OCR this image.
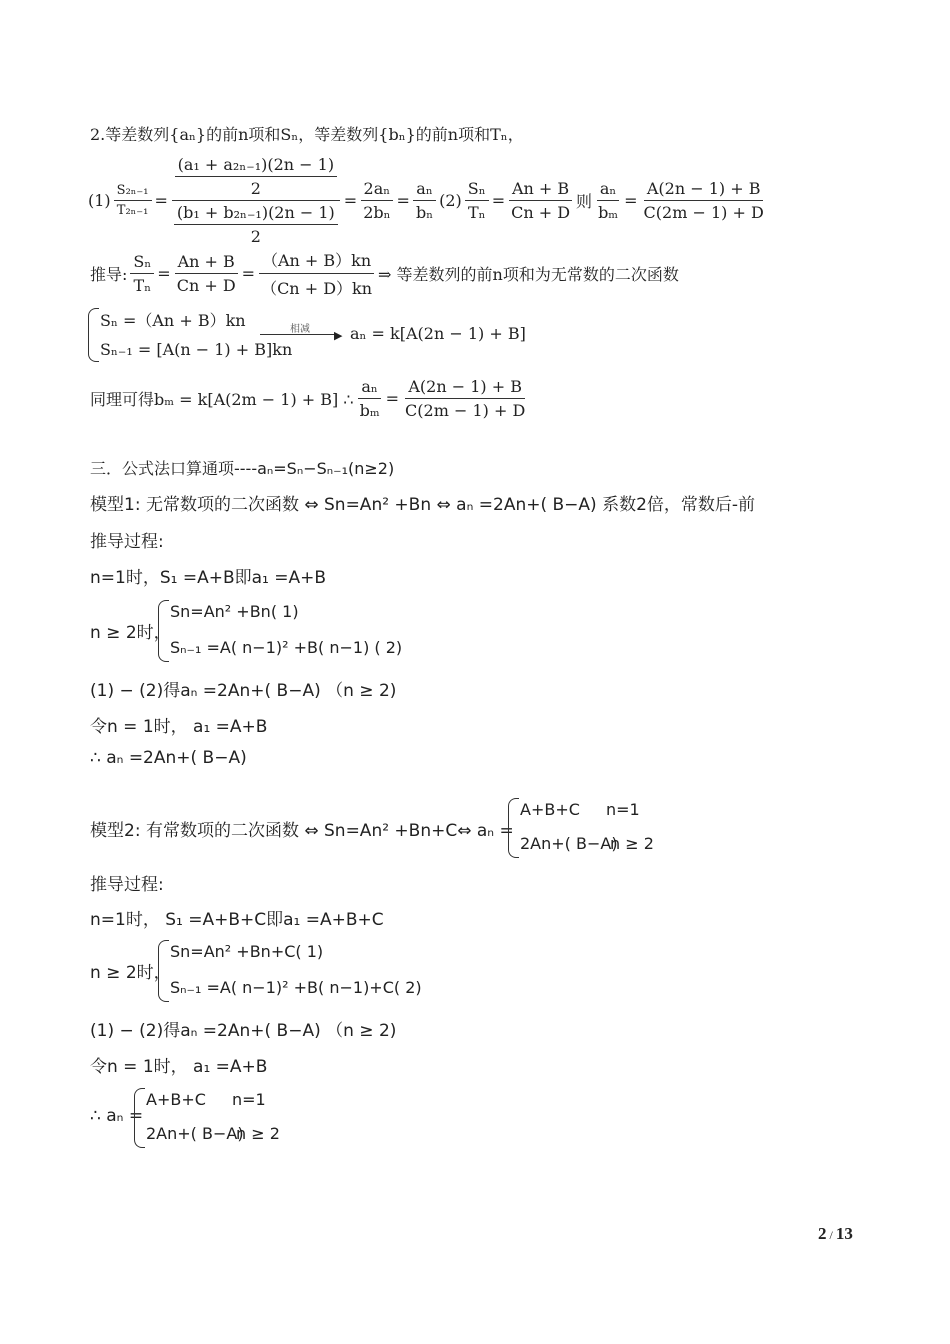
2.等差数列{aₙ}的前n项和Sₙ，等差数列{bₙ}的前n项和Tₙ，
$(1) \frac{\text{S₂ₙ₋₁}}{\text{T₂ₙ₋₁}} = \frac{\frac{\text{(a₁ + a₂ₙ₋₁)(2n − 1)}}{2}}{\frac{\text{(b₁ + b₂ₙ₋₁)(2n − 1)}}{2}} = \frac{\text{2aₙ}}{\text{2bₙ}} = \frac{\text{aₙ}}{\text{bₙ}} (2) \frac{\text{Sₙ}}{\text{Tₙ}} = \frac{An + B}{Cn + D}$ 则 $\frac{\text{aₙ}}{\text{bₘ}} = \frac{A(2n - 1) + B}{C(2m - 1) + D}$
推导: $\frac{\text{Sₙ}}{\text{Tₙ}} = \frac{An + B}{Cn + D} = \frac{(An + B)kn}{(Cn + D)kn}$ ⇒ 等差数列的前n项和为无常数的二次函数
Sₙ =（An + B）kn
Sₙ₋₁ = [A(n − 1) + B]kn
相减	▶ aₙ = k[A(2n − 1) + B]
同理可得bₘ = k[A(2m − 1) + B] ∴ $\frac{\text{aₙ}}{\text{bₘ}} = \frac{A(2n - 1) + B}{C(2m - 1) + D}$
三．公式法口算通项----aₙ=Sₙ−Sₙ₋₁(n≥2)
模型1: 无常数项的二次函数 ⇔ Sn=An² +Bn ⇔ aₙ =2An+( B−A) 系数2倍，常数后-前
推导过程:
n=1时，S₁ =A+B即a₁ =A+B
n ≥ 2时，
Sn=An² +Bn( 1)
Sₙ₋₁ =A( n−1)² +B( n−1) ( 2)
(1) − (2)得aₙ =2An+( B−A) （n ≥ 2)
令n = 1时， a₁ =A+B
∴ aₙ =2An+( B−A)
模型2: 有常数项的二次函数 ⇔ Sn=An² +Bn+C⇔ aₙ =
A+B+C n=1
2An+( B−A)
n ≥ 2
推导过程:
n=1时， S₁ =A+B+C即a₁ =A+B+C
n ≥ 2时，
Sn=An² +Bn+C( 1)
Sₙ₋₁ =A( n−1)² +B( n−1)+C( 2)
(1) − (2)得aₙ =2An+( B−A) （n ≥ 2)
令n = 1时， a₁ =A+B
∴ aₙ =
A+B+C n=1
2An+( B−A)
n ≥ 2
2 / 13
